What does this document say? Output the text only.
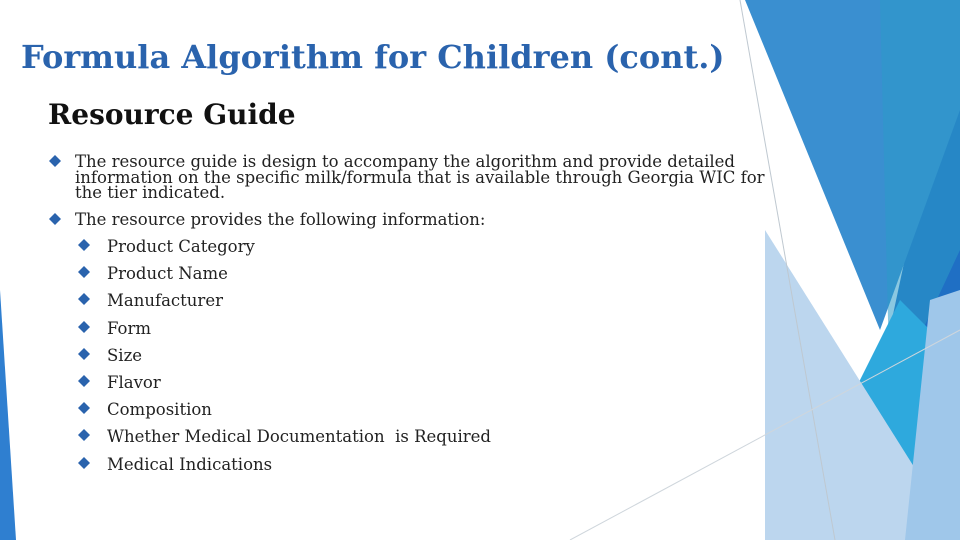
Formula Algorithm for Children (cont.)
Resource Guide
The resource guide is design to accompany the algorithm and provide detailed information on the specific milk/formula that is available through Georgia WIC for the tier indicated.
The resource provides the following information:
Product Category
Product Name
Manufacturer
Form
Size
Flavor
Composition
Whether Medical Documentation  is Required
Medical Indications
